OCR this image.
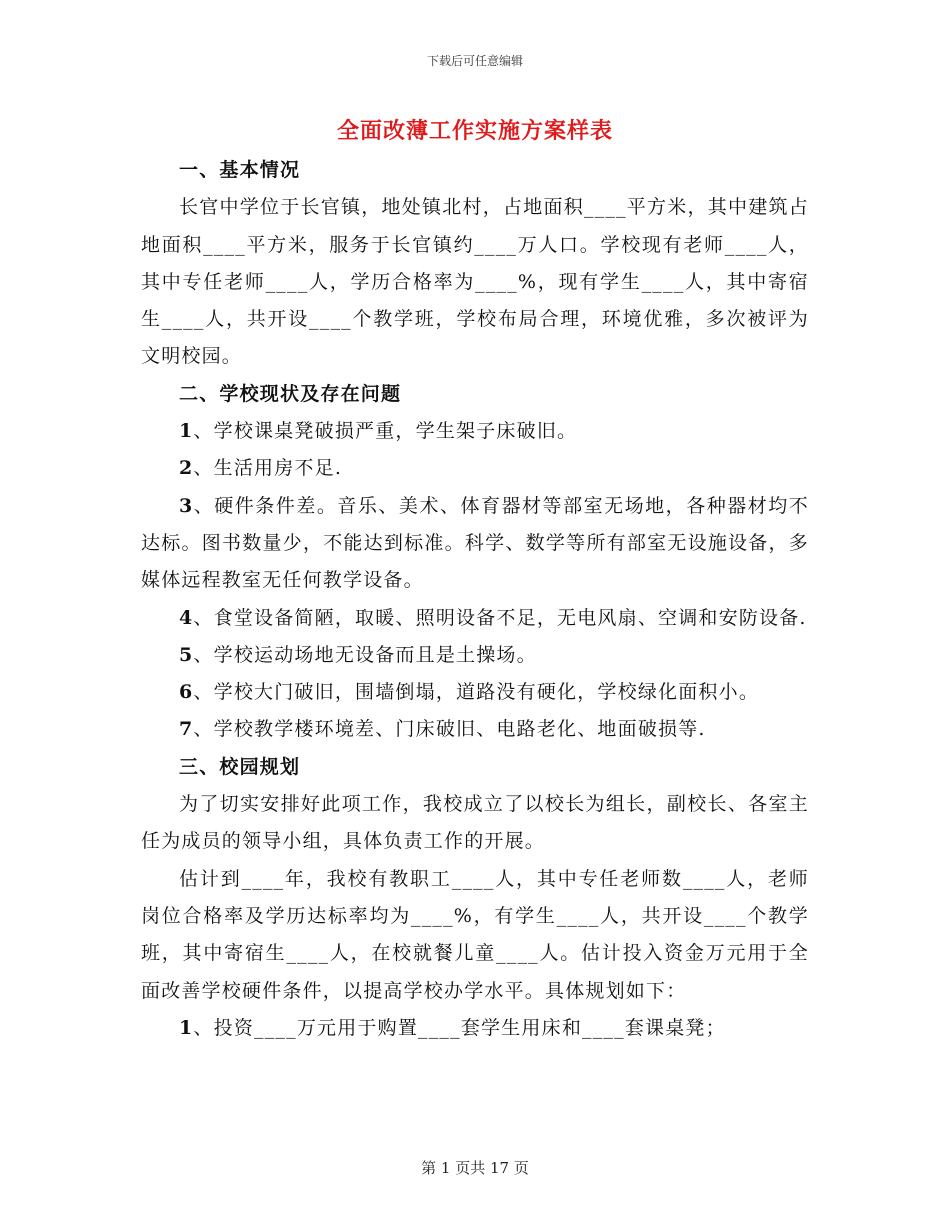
下载后可任意编辑
全面改薄工作实施方案样表

一、基本情况

长官中学位于长官镇，地处镇北村，占地面积____平方米，其中建筑占地面积____平方米，服务于长官镇约____万人口。学校现有老师____人，其中专任老师____人，学历合格率为____%，现有学生____人，其中寄宿生____人，共开设____个教学班，学校布局合理，环境优雅，多次被评为文明校园。

二、学校现状及存在问题

1、学校课桌凳破损严重，学生架子床破旧。

2、生活用房不足.

3、硬件条件差。音乐、美术、体育器材等部室无场地，各种器材均不达标。图书数量少，不能达到标准。科学、数学等所有部室无设施设备，多媒体远程教室无任何教学设备。

4、食堂设备简陋，取暖、照明设备不足，无电风扇、空调和安防设备.

5、学校运动场地无设备而且是土操场。

6、学校大门破旧，围墙倒塌，道路没有硬化，学校绿化面积小。

7、学校教学楼环境差、门床破旧、电路老化、地面破损等.

三、校园规划

为了切实安排好此项工作，我校成立了以校长为组长，副校长、各室主任为成员的领导小组，具体负责工作的开展。

估计到____年，我校有教职工____人，其中专任老师数____人，老师岗位合格率及学历达标率均为____%，有学生____人，共开设____个教学班，其中寄宿生____人，在校就餐儿童____人。估计投入资金万元用于全面改善学校硬件条件，以提高学校办学水平。具体规划如下：

1、投资____万元用于购置____套学生用床和____套课桌凳；

第 1 页共 17 页
